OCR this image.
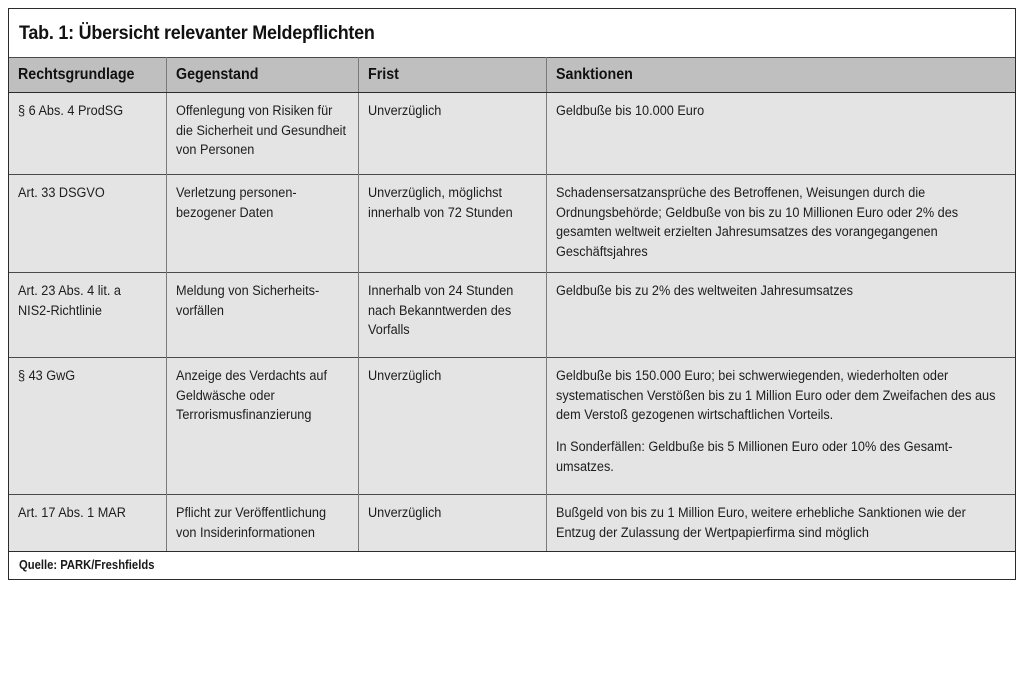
Tab. 1: Übersicht relevanter Meldepflichten
Rechtsgrundlage	Gegenstand	Frist	Sanktionen

§ 6 Abs. 4 ProdSG	Offenlegung von Risiken für die Sicherheit und Gesundheit von Personen	Unverzüglich	Geldbuße bis 10.000 Euro

Art. 33 DSGVO	Verletzung personen-bezogener Daten	Unverzüglich, möglichst innerhalb von 72 Stunden	Schadensersatzansprüche des Betroffenen, Weisungen durch die Ordnungsbehörde; Geldbuße von bis zu 10 Millionen Euro oder 2% des gesamten weltweit erzielten Jahresumsatzes des vorangegangenen Geschäftsjahres

Art. 23 Abs. 4 lit. a NIS2-Richtlinie	Meldung von Sicherheits-vorfällen	Innerhalb von 24 Stunden nach Bekanntwerden des Vorfalls	Geldbuße bis zu 2% des weltweiten Jahresumsatzes

§ 43 GwG	Anzeige des Verdachts auf Geldwäsche oder Terrorismusfinanzierung	Unverzüglich	Geldbuße bis 150.000 Euro; bei schwerwiegenden, wiederholten oder systematischen Verstößen bis zu 1 Million Euro oder dem Zweifachen des aus dem Verstoß gezogenen wirtschaftlichen Vorteils.
In Sonderfällen: Geldbuße bis 5 Millionen Euro oder 10% des Gesamt-umsatzes.

Art. 17 Abs. 1 MAR	Pflicht zur Veröffentlichung von Insiderinformationen	Unverzüglich	Bußgeld von bis zu 1 Million Euro, weitere erhebliche Sanktionen wie der Entzug der Zulassung der Wertpapierfirma sind möglich
Quelle: PARK/Freshfields
